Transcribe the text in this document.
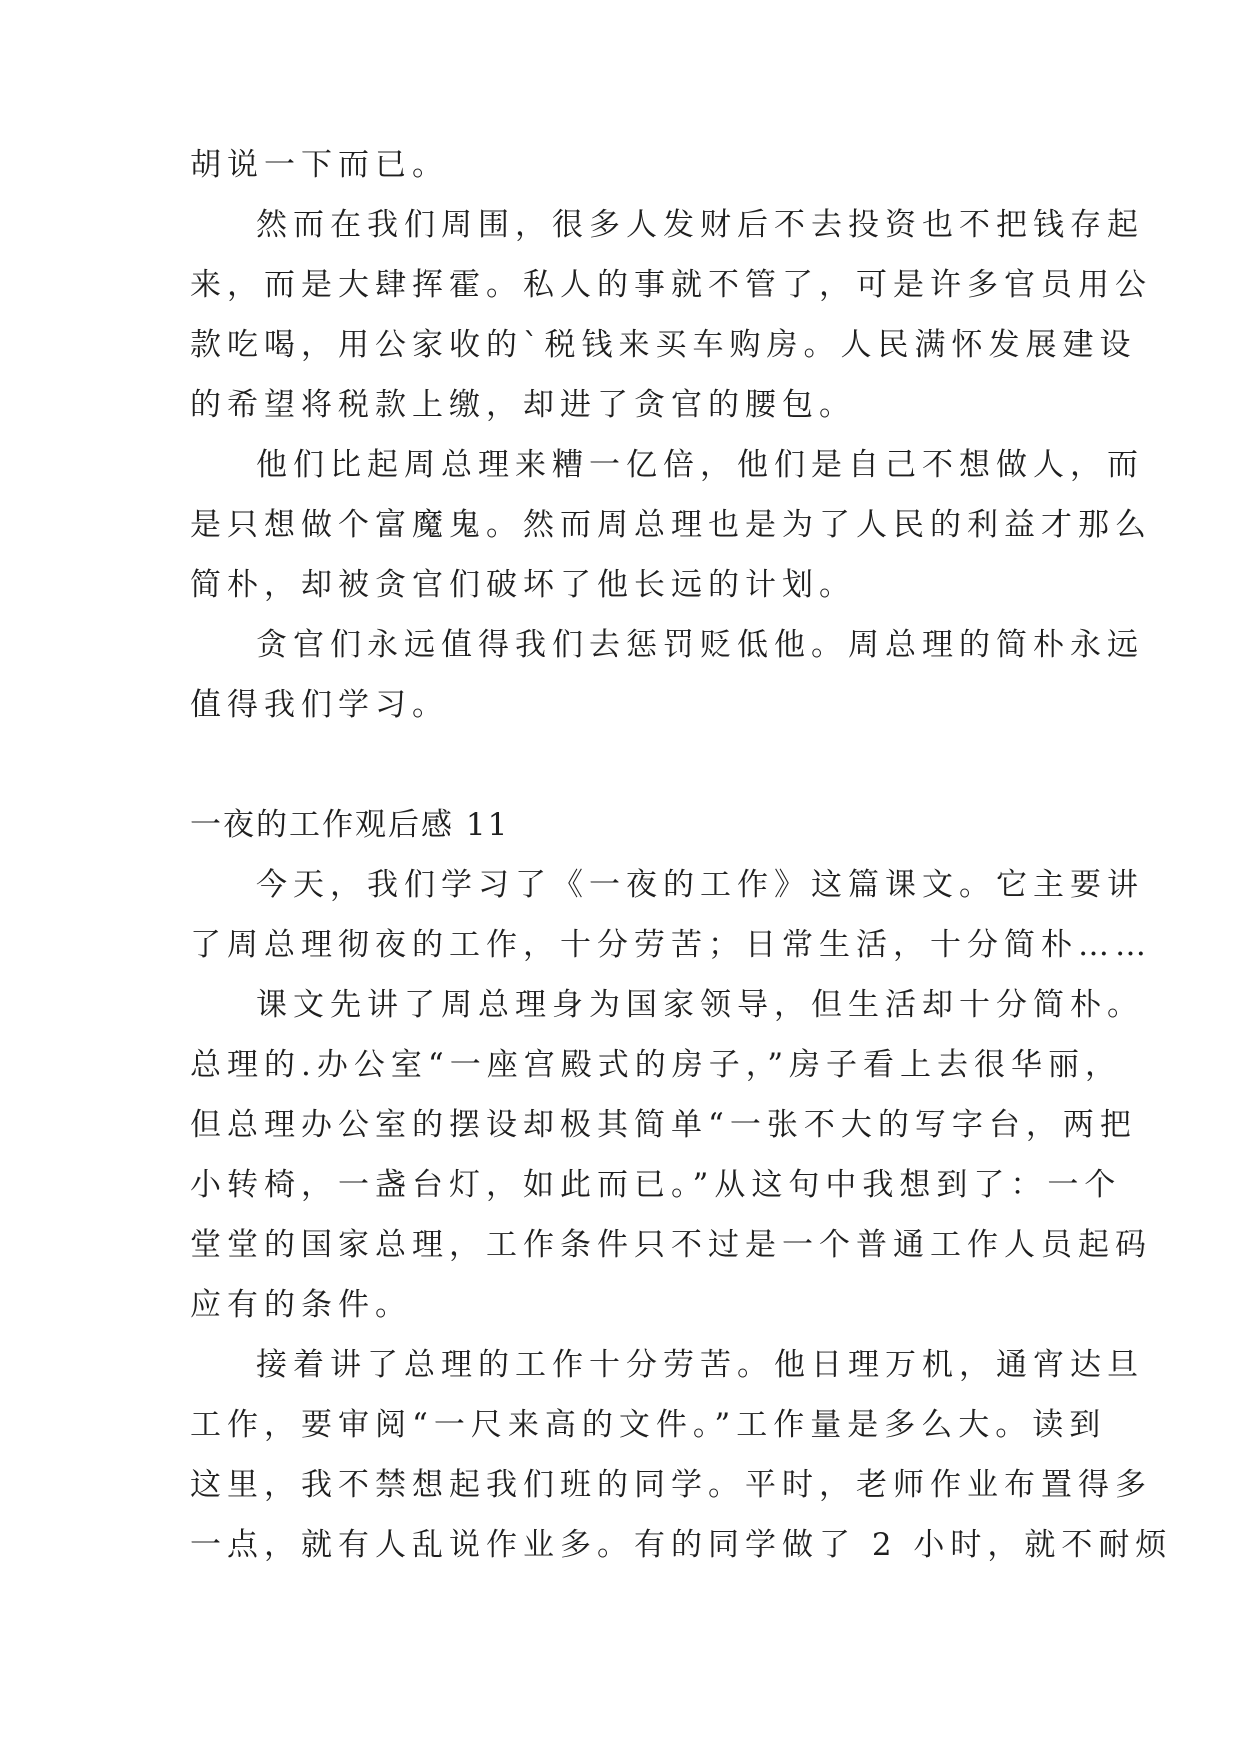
胡说一下而已。
然而在我们周围，很多人发财后不去投资也不把钱存起
来，而是大肆挥霍。私人的事就不管了，可是许多官员用公
款吃喝，用公家收的`税钱来买车购房。人民满怀发展建设
的希望将税款上缴，却进了贪官的腰包。
他们比起周总理来糟一亿倍，他们是自己不想做人，而
是只想做个富魔鬼。然而周总理也是为了人民的利益才那么
简朴，却被贪官们破坏了他长远的计划。
贪官们永远值得我们去惩罚贬低他。周总理的简朴永远
值得我们学习。
一夜的工作观后感 11
今天，我们学习了《一夜的工作》这篇课文。它主要讲
了周总理彻夜的工作，十分劳苦；日常生活，十分简朴……
课文先讲了周总理身为国家领导，但生活却十分简朴。
总理的.办公室“一座宫殿式的房子，”房子看上去很华丽，
但总理办公室的摆设却极其简单“一张不大的写字台，两把
小转椅，一盏台灯，如此而已。”从这句中我想到了：一个
堂堂的国家总理，工作条件只不过是一个普通工作人员起码
应有的条件。
接着讲了总理的工作十分劳苦。他日理万机，通宵达旦
工作，要审阅“一尺来高的文件。”工作量是多么大。读到
这里，我不禁想起我们班的同学。平时，老师作业布置得多
一点，就有人乱说作业多。有的同学做了 2 小时，就不耐烦
